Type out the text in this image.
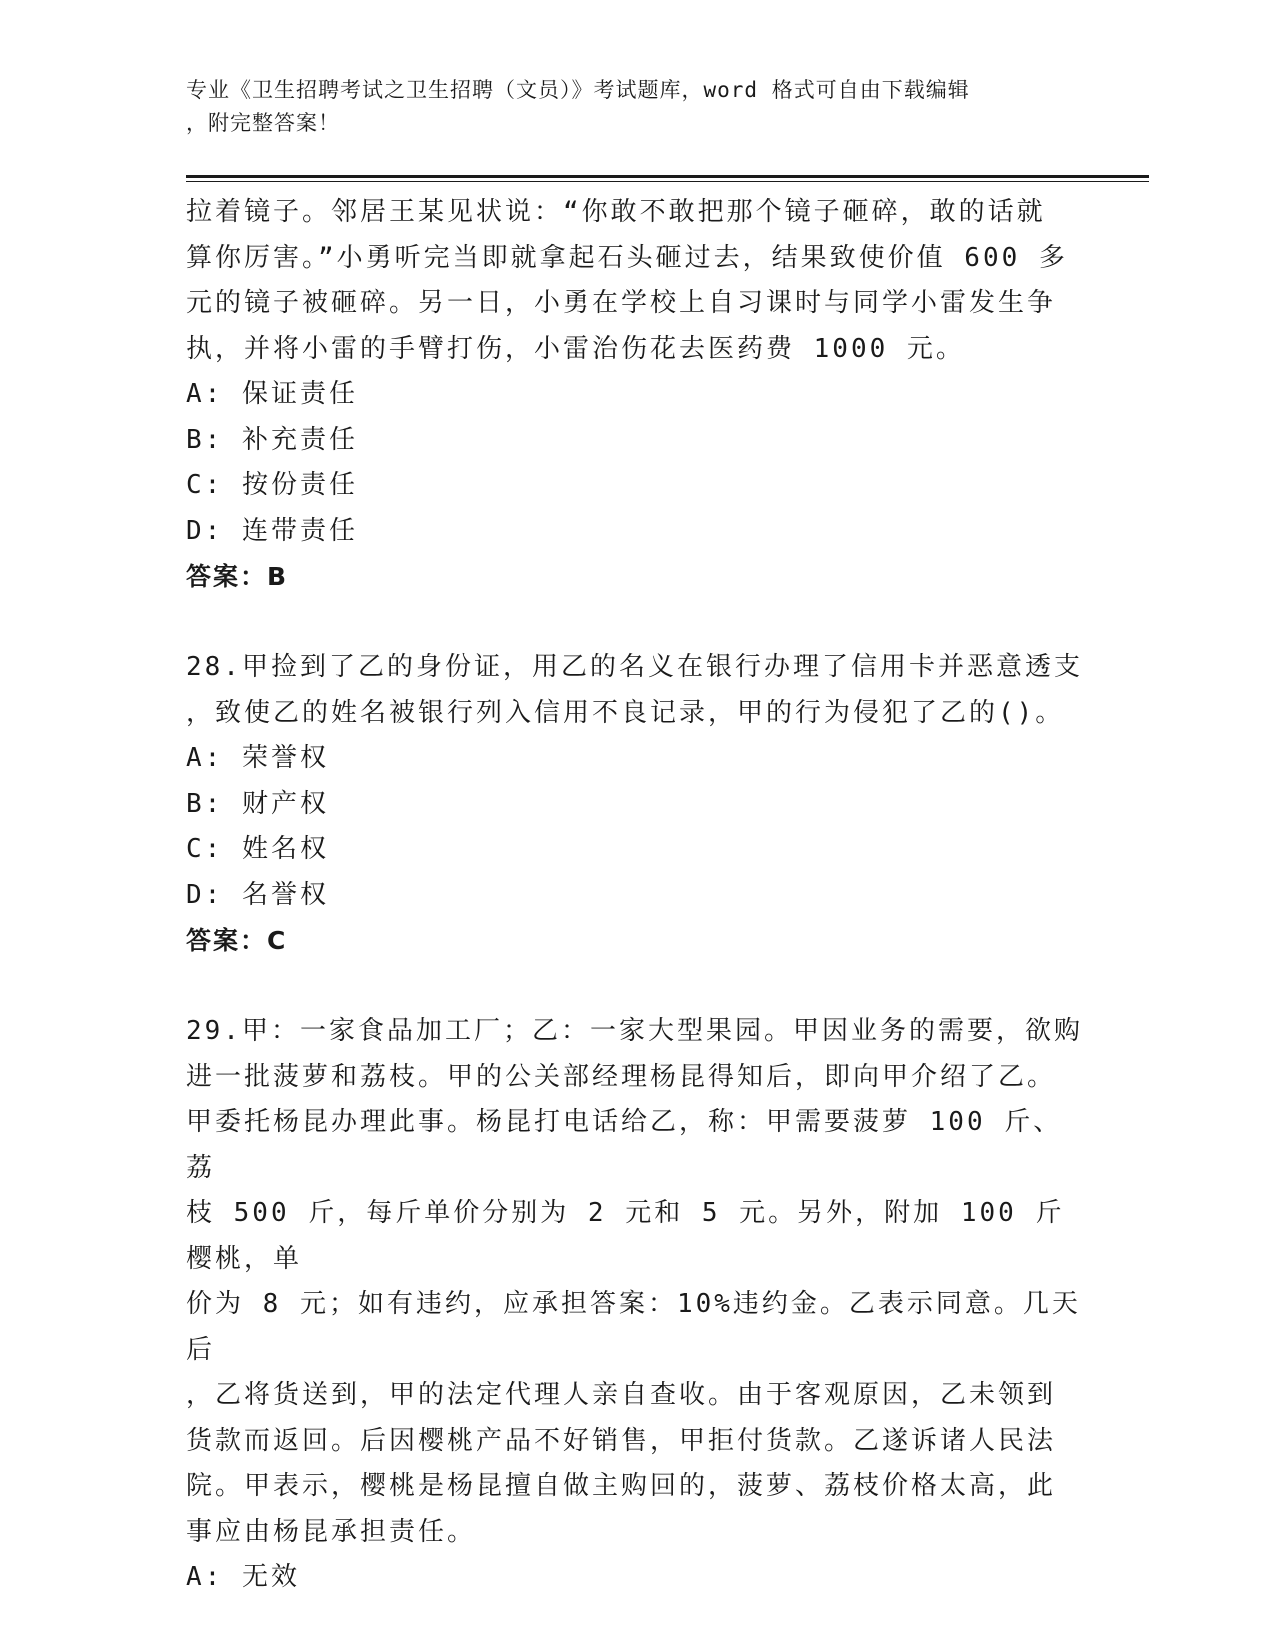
专业《卫生招聘考试之卫生招聘（文员）》考试题库，word 格式可自由下载编辑
，附完整答案！

拉着镜子。邻居王某见状说：“你敢不敢把那个镜子砸碎，敢的话就

算你厉害。”小勇听完当即就拿起石头砸过去，结果致使价值 600 多

元的镜子被砸碎。另一日，小勇在学校上自习课时与同学小雷发生争

执，并将小雷的手臂打伤，小雷治伤花去医药费 1000 元。

A: 保证责任

B: 补充责任

C: 按份责任

D: 连带责任

答案：B

28.甲捡到了乙的身份证，用乙的名义在银行办理了信用卡并恶意透支

，致使乙的姓名被银行列入信用不良记录，甲的行为侵犯了乙的()。

A: 荣誉权

B: 财产权

C: 姓名权

D: 名誉权

答案：C

29.甲：一家食品加工厂；乙：一家大型果园。甲因业务的需要，欲购

进一批菠萝和荔枝。甲的公关部经理杨昆得知后，即向甲介绍了乙。

甲委托杨昆办理此事。杨昆打电话给乙，称：甲需要菠萝 100 斤、荔

枝 500 斤，每斤单价分别为 2 元和 5 元。另外，附加 100 斤樱桃，单

价为 8 元；如有违约，应承担答案：10%违约金。乙表示同意。几天后

，乙将货送到，甲的法定代理人亲自查收。由于客观原因，乙未领到

货款而返回。后因樱桃产品不好销售，甲拒付货款。乙遂诉诸人民法

院。甲表示，樱桃是杨昆擅自做主购回的，菠萝、荔枝价格太高，此

事应由杨昆承担责任。

A: 无效
